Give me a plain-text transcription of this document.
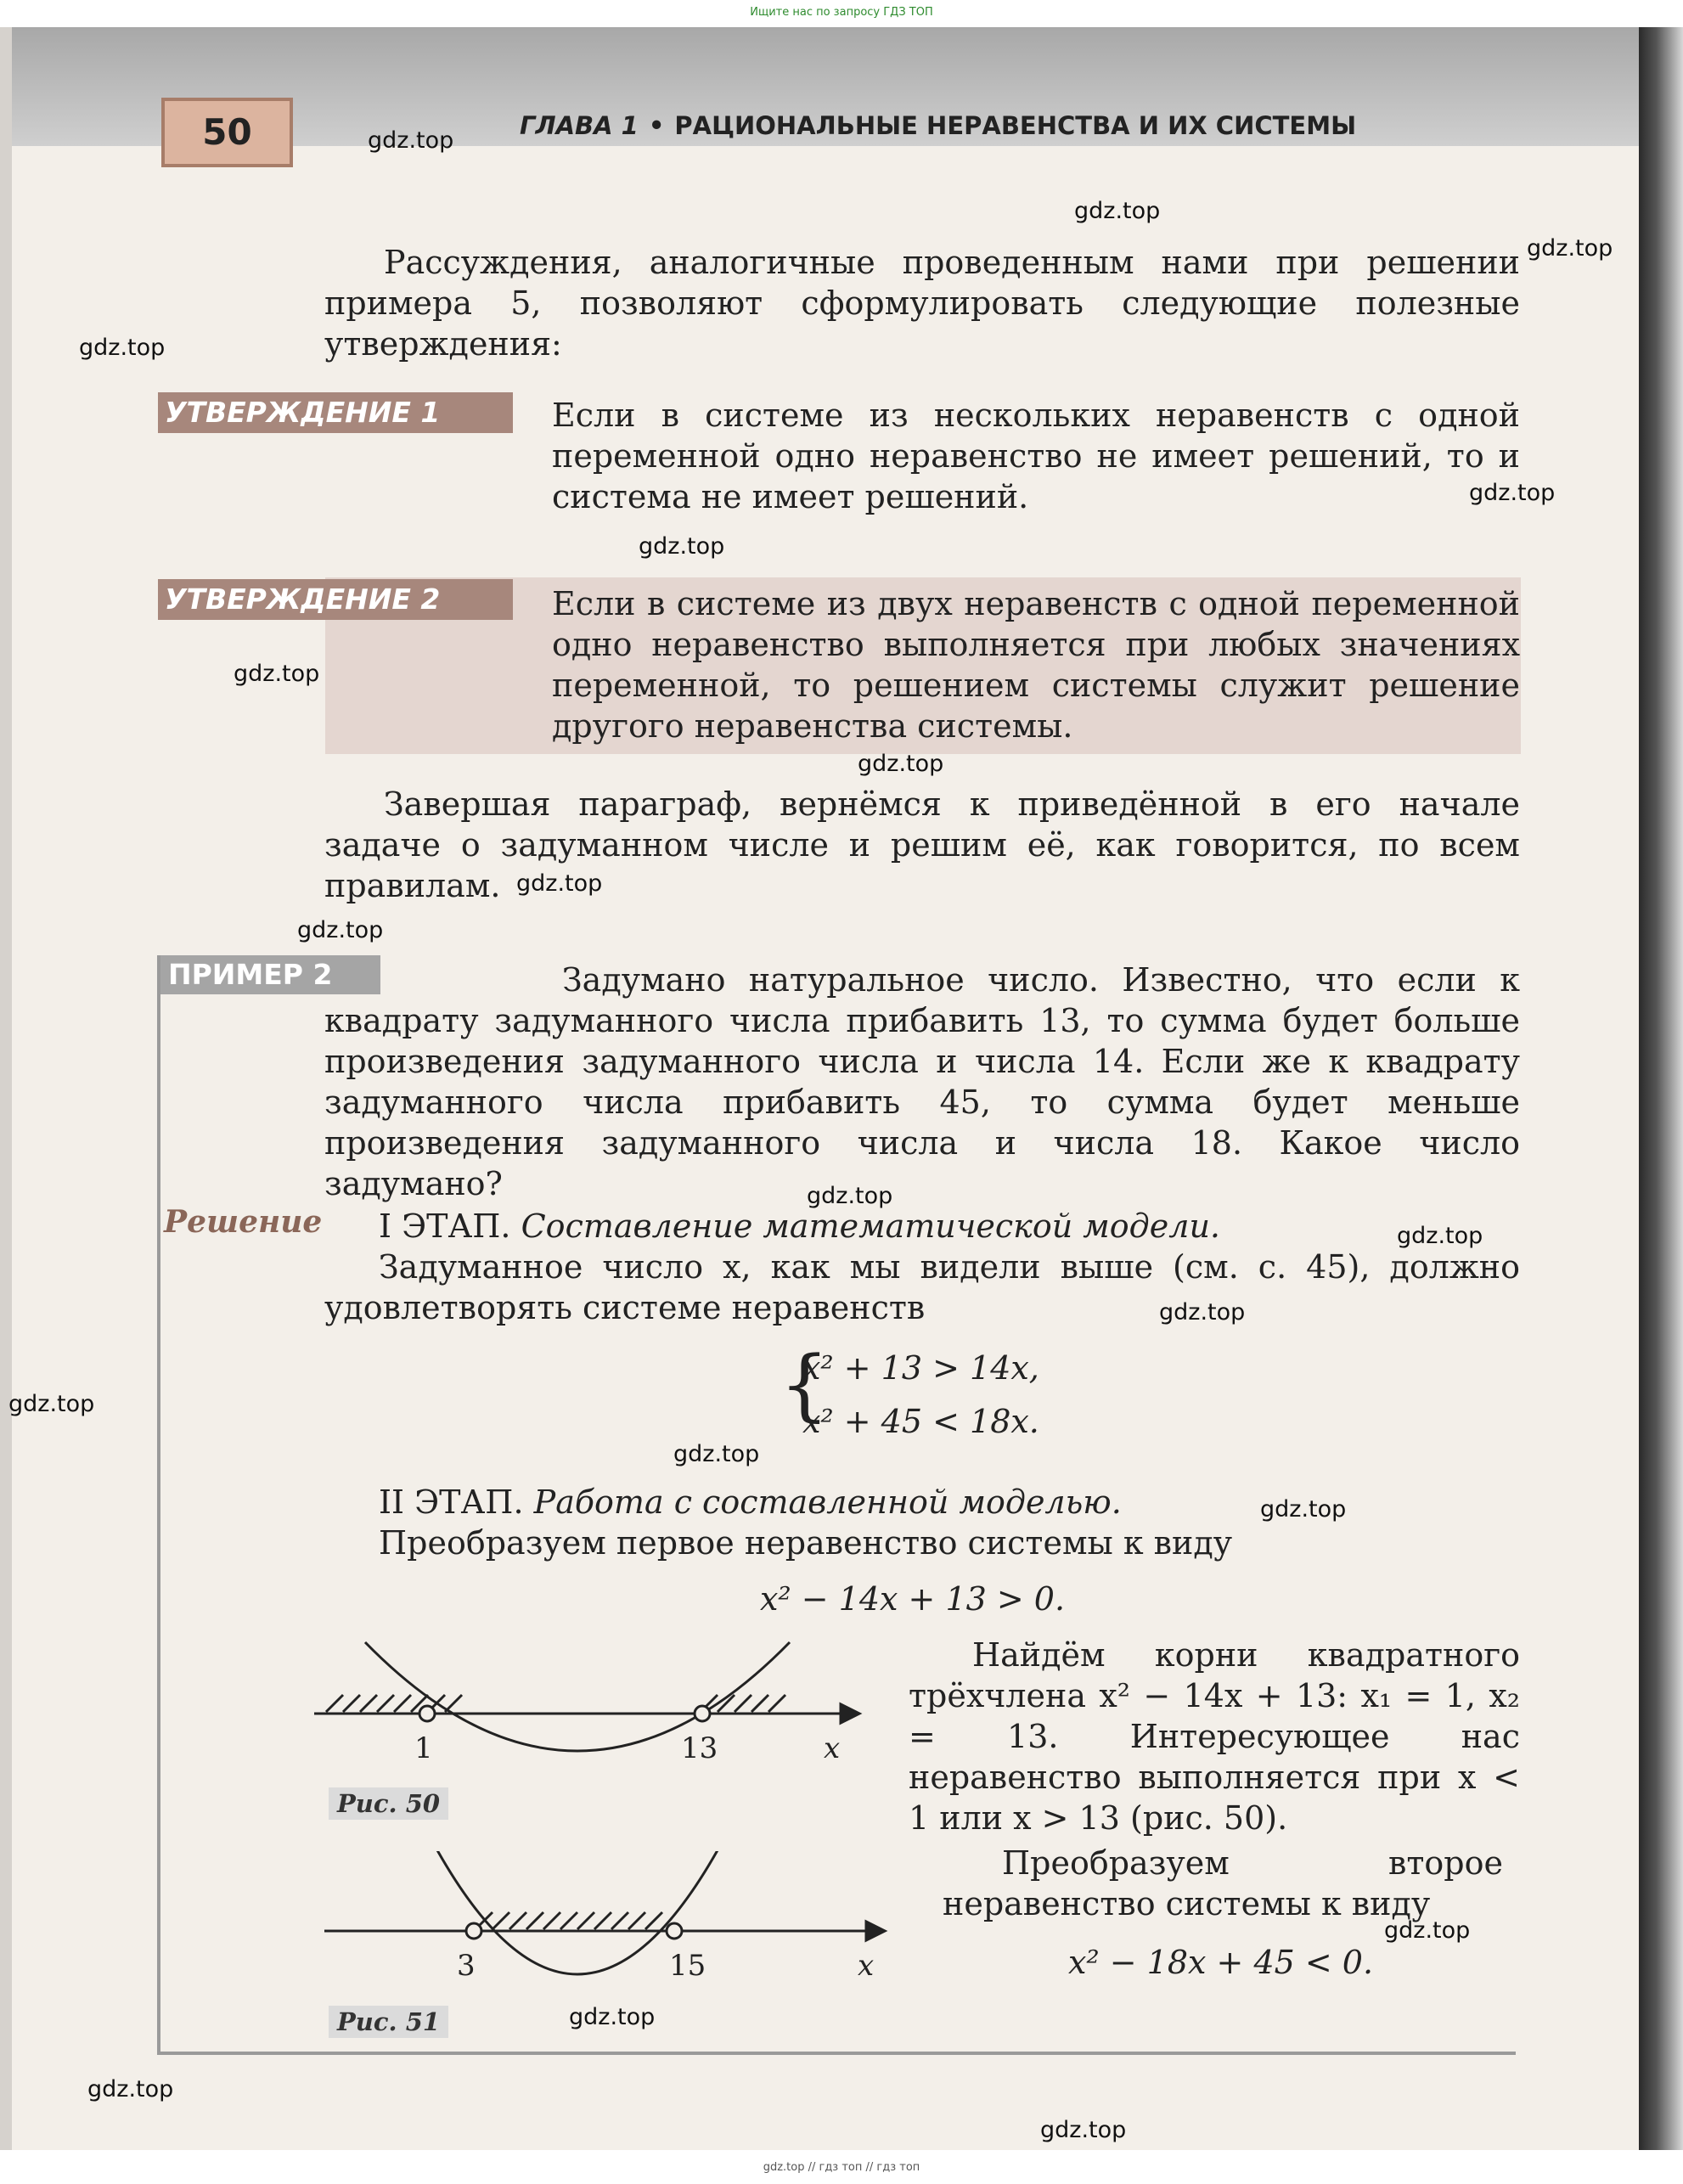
Ищите нас по запросу ГДЗ ТОП
gdz.top // гдз топ // гдз топ
50	ГЛАВА 1 • РАЦИОНАЛЬНЫЕ НЕРАВЕНСТВА И ИХ СИСТЕМЫ
Рассуждения, аналогичные проведенным нами при решении примера 5, позволяют сформулировать следующие полезные утверждения:
УТВЕРЖДЕНИЕ 1	Если в системе из нескольких неравенств с одной переменной одно неравенство не имеет решений, то и система не имеет решений.
УТВЕРЖДЕНИЕ 2	Если в системе из двух неравенств с одной переменной одно неравенство выполняется при любых значениях переменной, то решением системы служит решение другого неравенства системы.
Завершая параграф, вернёмся к приведённой в его начале задаче о задуманном числе и решим её, как говорится, по всем правилам.
ПРИМЕР 2	Задумано натуральное число. Известно, что если к квадрату задуманного числа прибавить 13, то сумма будет больше произведения задуманного числа и числа 14. Если же к квадрату задуманного числа прибавить 45, то сумма будет меньше произведения задуманного числа и числа 18. Какое число задумано?
Решение I ЭТАП. Составление математической модели.
Задуманное число x, как мы видели выше (см. с. 45), должно удовлетворять системе неравенств
{
x² + 13 > 14x,
x² + 45 < 18x.
II ЭТАП. Работа с составленной моделью.
Преобразуем первое неравенство системы к виду
x² − 14x + 13 > 0.
Найдём корни квадратного трёхчлена x² − 14x + 13: x₁ = 1, x₂ = 13. Интересующее нас неравенство выполняется при x < 1 или x > 13 (рис. 50).
Преобразуем второе неравенство системы к виду
x² − 18x + 45 < 0.
1	13	x
Рис. 50
3	15	x
Рис. 51
gdz.top
gdz.top
gdz.top
gdz.top
gdz.top
gdz.top
gdz.top
gdz.top
gdz.top
gdz.top
gdz.top
gdz.top
gdz.top
gdz.top
gdz.top
gdz.top
gdz.top
gdz.top
gdz.top
gdz.top
